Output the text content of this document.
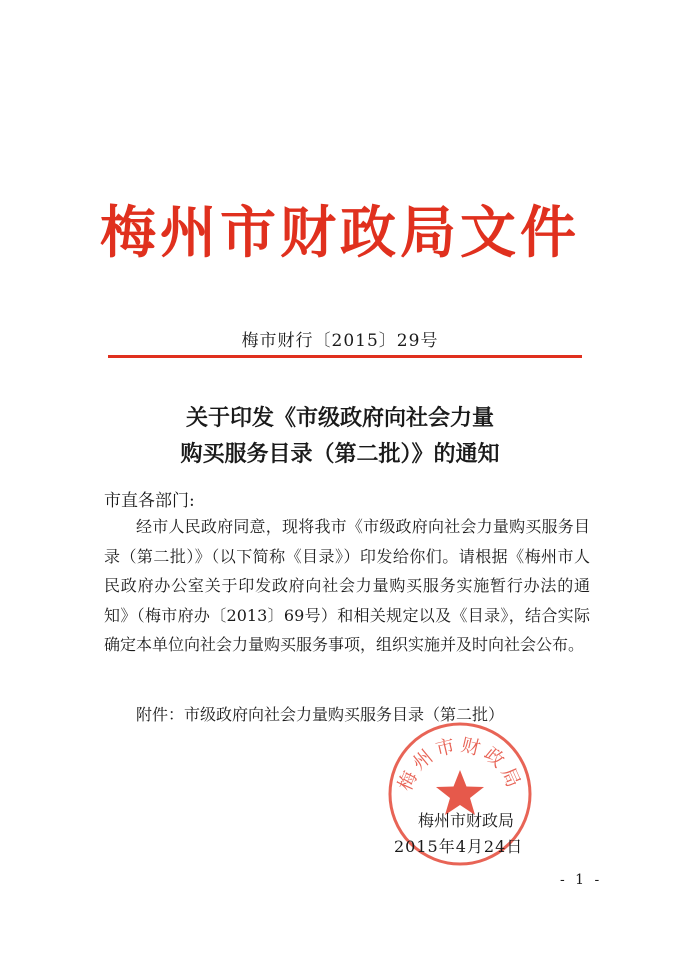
梅州市财政局文件
梅市财行〔2015〕29号
关于印发《市级政府向社会力量
购买服务目录（第二批）》的通知
市直各部门:

经市人民政府同意，现将我市《市级政府向社会力量购买服务目录（第二批）》（以下简称《目录》）印发给你们。请根据《梅州市人民政府办公室关于印发政府向社会力量购买服务实施暂行办法的通知》（梅市府办〔2013〕69号）和相关规定以及《目录》，结合实际确定本单位向社会力量购买服务事项，组织实施并及时向社会公布。

附件：市级政府向社会力量购买服务目录（第二批）
梅州市财政局
梅州市财政局
2015年4月24日
- 1 -
